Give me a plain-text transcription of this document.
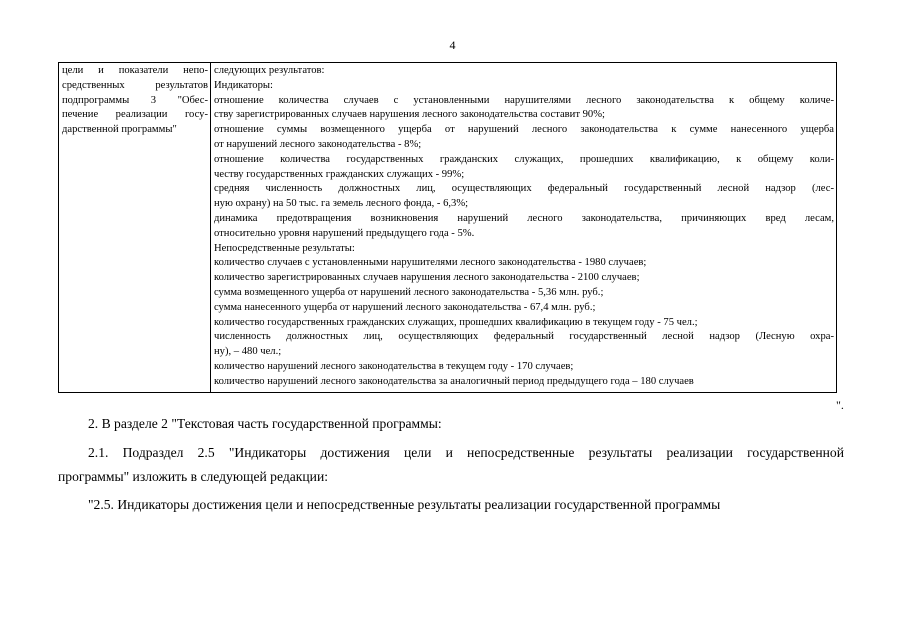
4
цели и показатели непо-
средственных результатов
подпрограммы 3 "Обес-
печение реализации госу-
дарственной программы"

следующих результатов:
Индикаторы:
отношение количества случаев с установленными нарушителями лесного законодательства к общему количе-
ству зарегистрированных случаев нарушения лесного законодательства составит 90%;
отношение суммы возмещенного ущерба от нарушений лесного законодательства к сумме нанесенного ущерба
от нарушений лесного законодательства - 8%;
отношение количества государственных гражданских служащих, прошедших квалификацию, к общему коли-
честву государственных гражданских служащих - 99%;
средняя численность должностных лиц, осуществляющих федеральный государственный лесной надзор (лес-
ную охрану) на 50 тыс. га земель лесного фонда, - 6,3%;
динамика предотвращения возникновения нарушений лесного законодательства, причиняющих вред лесам,
относительно уровня нарушений предыдущего года - 5%.
Непосредственные результаты:
количество случаев с установленными нарушителями лесного законодательства - 1980 случаев;
количество зарегистрированных случаев нарушения лесного законодательства - 2100 случаев;
сумма возмещенного ущерба от нарушений лесного законодательства - 5,36 млн. руб.;
сумма нанесенного ущерба от нарушений лесного законодательства - 67,4 млн. руб.;
количество государственных гражданских служащих, прошедших квалификацию в текущем году - 75 чел.;
численность должностных лиц, осуществляющих федеральный государственный лесной надзор (Лесную охра-
ну), – 480 чел.;
количество нарушений лесного законодательства в текущем году - 170 случаев;
количество нарушений лесного законодательства за аналогичный период предыдущего года – 180 случаев
".
2. В разделе 2 "Текстовая часть государственной программы:
2.1. Подраздел 2.5 "Индикаторы достижения цели и непосредственные результаты реализации государственной
программы" изложить в следующей редакции:
"2.5. Индикаторы достижения цели и непосредственные результаты реализации государственной программы
